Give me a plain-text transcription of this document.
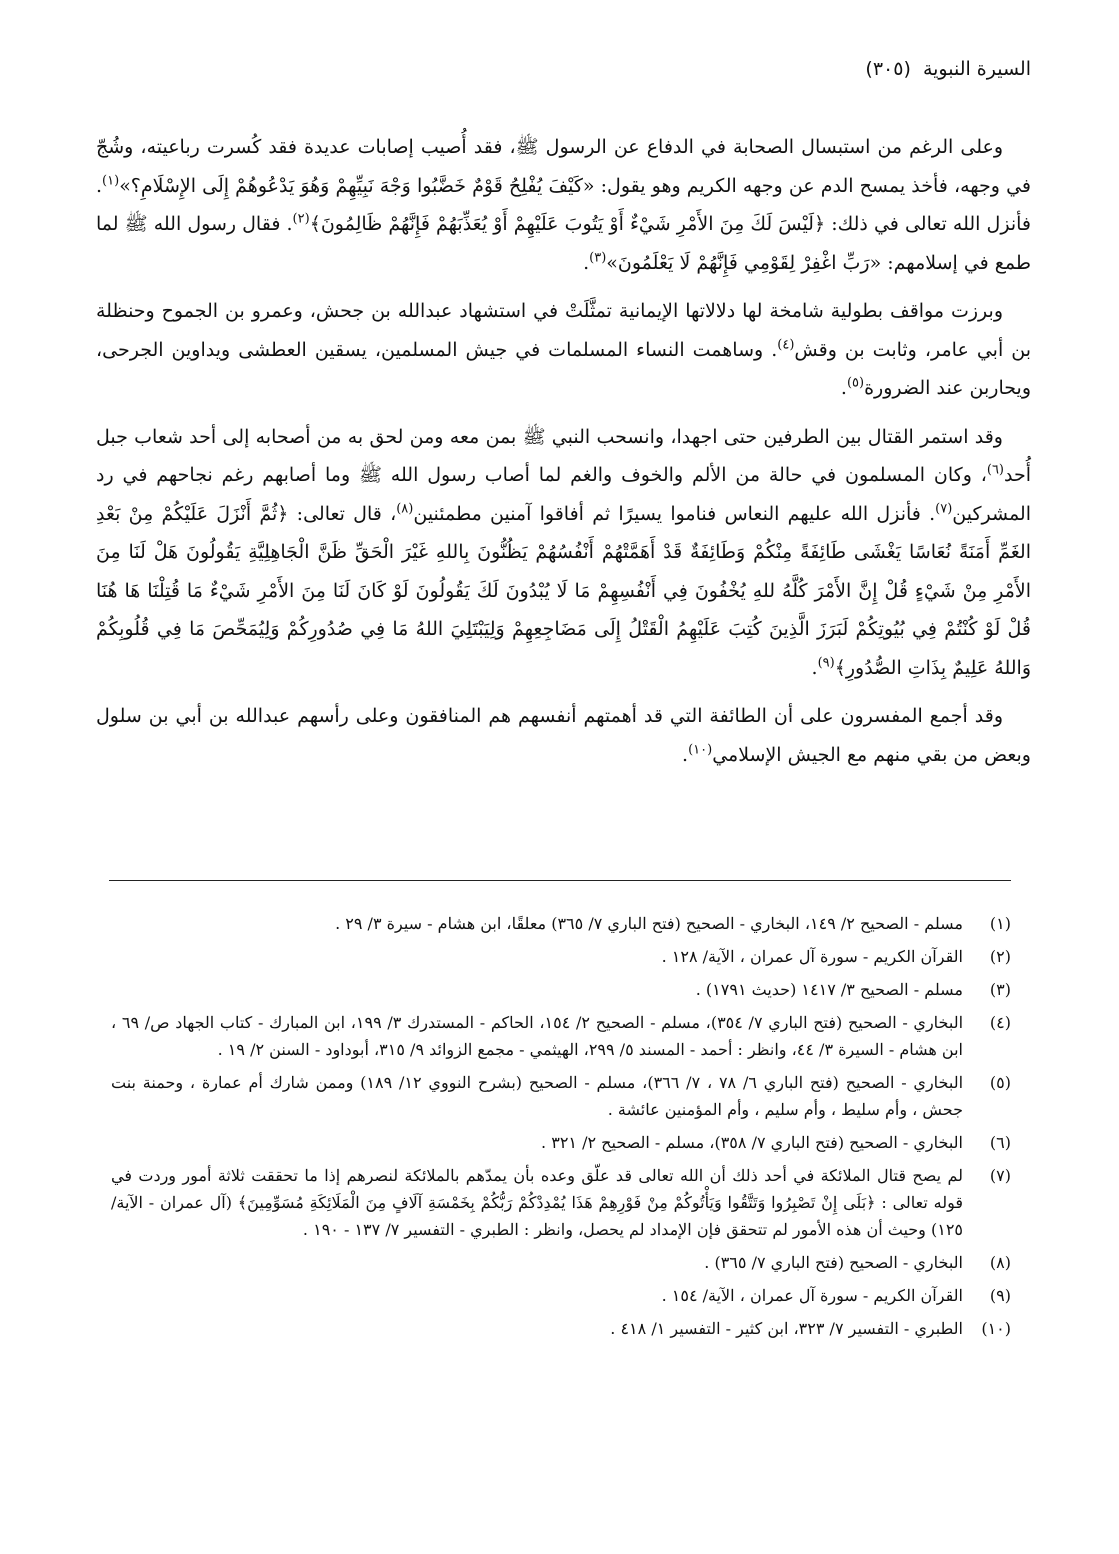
السيرة النبوية (٣٠٥)

وعلى الرغم من استبسال الصحابة في الدفاع عن الرسول ﷺ، فقد أُصيب إصابات عديدة فقد كُسرت رباعيته، وشُجّ في وجهه، فأخذ يمسح الدم عن وجهه الكريم وهو يقول: «كَيْفَ يُفْلِحُ قَوْمٌ خَضَّبُوا وَجْهَ نَبِيِّهِمْ وَهُوَ يَدْعُوهُمْ إِلَى الإِسْلَامِ؟»$^{(١)}$. فأنزل الله تعالى في ذلك: ﴿لَيْسَ لَكَ مِنَ الأَمْرِ شَيْءٌ أَوْ يَتُوبَ عَلَيْهِمْ أَوْ يُعَذِّبَهُمْ فَإِنَّهُمْ ظَالِمُونَ﴾$^{(٢)}$. فقال رسول الله ﷺ لما طمع في إسلامهم: «رَبِّ اغْفِرْ لِقَوْمِي فَإِنَّهُمْ لَا يَعْلَمُونَ»$^{(٣)}$.

وبرزت مواقف بطولية شامخة لها دلالاتها الإيمانية تمثَّلَتْ في استشهاد عبدالله بن جحش، وعمرو بن الجموح وحنظلة بن أبي عامر، وثابت بن وقش$^{(٤)}$. وساهمت النساء المسلمات في جيش المسلمين، يسقين العطشى ويداوين الجرحى، ويحاربن عند الضرورة$^{(٥)}$.

وقد استمر القتال بين الطرفين حتى اجهدا، وانسحب النبي ﷺ بمن معه ومن لحق به من أصحابه إلى أحد شعاب جبل أُحد$^{(٦)}$، وكان المسلمون في حالة من الألم والخوف والغم لما أصاب رسول الله ﷺ وما أصابهم رغم نجاحهم في رد المشركين$^{(٧)}$. فأنزل الله عليهم النعاس فناموا يسيرًا ثم أفاقوا آمنين مطمئنين$^{(٨)}$، قال تعالى: ﴿ثُمَّ أَنْزَلَ عَلَيْكُمْ مِنْ بَعْدِ الغَمِّ أَمَنَةً نُعَاسًا يَغْشَى طَائِفَةً مِنْكُمْ وَطَائِفَةٌ قَدْ أَهَمَّتْهُمْ أَنْفُسُهُمْ يَظُنُّونَ بِاللهِ غَيْرَ الْحَقِّ ظَنَّ الْجَاهِلِيَّةِ يَقُولُونَ هَلْ لَنَا مِنَ الأَمْرِ مِنْ شَيْءٍ قُلْ إِنَّ الأَمْرَ كُلَّهُ للهِ يُخْفُونَ فِي أَنْفُسِهِمْ مَا لَا يُبْدُونَ لَكَ يَقُولُونَ لَوْ كَانَ لَنَا مِنَ الأَمْرِ شَيْءٌ مَا قُتِلْنَا هَا هُنَا قُلْ لَوْ كُنْتُمْ فِي بُيُوتِكُمْ لَبَرَزَ الَّذِينَ كُتِبَ عَلَيْهِمُ الْقَتْلُ إِلَى مَضَاجِعِهِمْ وَلِيَبْتَلِيَ اللهُ مَا فِي صُدُورِكُمْ وَلِيُمَحِّصَ مَا فِي قُلُوبِكُمْ وَاللهُ عَلِيمٌ بِذَاتِ الصُّدُورِ﴾$^{(٩)}$.

وقد أجمع المفسرون على أن الطائفة التي قد أهمتهم أنفسهم هم المنافقون وعلى رأسهم عبدالله بن أبي بن سلول وبعض من بقي منهم مع الجيش الإسلامي$^{(١٠)}$.

(١)
مسلم - الصحيح ٢/ ١٤٩، البخاري - الصحيح (فتح الباري ٧/ ٣٦٥) معلقًا، ابن هشام - سيرة ٣/ ٢٩ .
(٢)
القرآن الكريم - سورة آل عمران ، الآية/ ١٢٨ .
(٣)
مسلم - الصحيح ٣/ ١٤١٧ (حديث ١٧٩١) .
(٤)
البخاري - الصحيح (فتح الباري ٧/ ٣٥٤)، مسلم - الصحيح ٢/ ١٥٤، الحاكم - المستدرك ٣/ ١٩٩، ابن المبارك - كتاب الجهاد ص/ ٦٩ ، ابن هشام - السيرة ٣/ ٤٤، وانظر : أحمد - المسند ٥/ ٢٩٩، الهيثمي - مجمع الزوائد ٩/ ٣١٥، أبوداود - السنن ٢/ ١٩ .
(٥)
البخاري - الصحيح (فتح الباري ٦/ ٧٨ ، ٧/ ٣٦٦)، مسلم - الصحيح (بشرح النووي ١٢/ ١٨٩) وممن شارك أم عمارة ، وحمنة بنت جحش ، وأم سليط ، وأم سليم ، وأم المؤمنين عائشة .
(٦)
البخاري - الصحيح (فتح الباري ٧/ ٣٥٨)، مسلم - الصحيح ٢/ ٣٢١ .
(٧)
لم يصح قتال الملائكة في أحد ذلك أن الله تعالى قد علّق وعده بأن يمدّهم بالملائكة لنصرهم إذا ما تحققت ثلاثة أمور وردت في قوله تعالى : ﴿بَلَى إِنْ تَصْبِرُوا وَتَتَّقُوا وَيَأْتُوكُمْ مِنْ فَوْرِهِمْ هَذَا يُمْدِدْكُمْ رَبُّكُمْ بِخَمْسَةِ آلَافٍ مِنَ الْمَلَائِكَةِ مُسَوِّمِينَ﴾ (آل عمران - الآية/ ١٢٥) وحيث أن هذه الأمور لم تتحقق فإن الإمداد لم يحصل، وانظر : الطبري - التفسير ٧/ ١٣٧ - ١٩٠ .
(٨)
البخاري - الصحيح (فتح الباري ٧/ ٣٦٥) .
(٩)
القرآن الكريم - سورة آل عمران ، الآية/ ١٥٤ .
(١٠)
الطبري - التفسير ٧/ ٣٢٣، ابن كثير - التفسير ١/ ٤١٨ .
